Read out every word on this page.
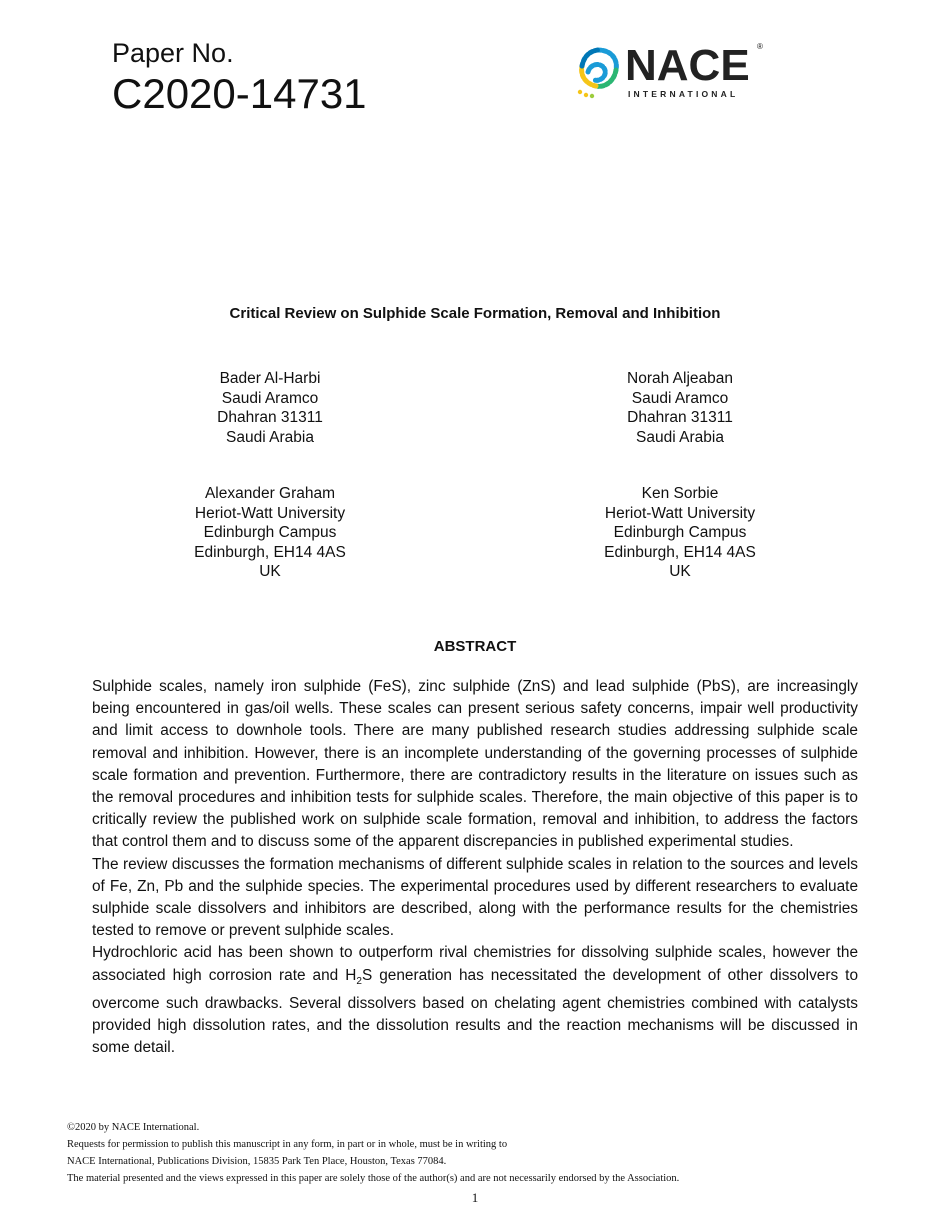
Paper No.
C2020-14731
NACE ®
INTERNATIONAL
Critical Review on Sulphide Scale Formation, Removal and Inhibition
Bader Al-Harbi
Saudi Aramco
Dhahran 31311
Saudi Arabia
Norah Aljeaban
Saudi Aramco
Dhahran 31311
Saudi Arabia
Alexander Graham
Heriot-Watt University
Edinburgh Campus
Edinburgh, EH14 4AS
UK
Ken Sorbie
Heriot-Watt University
Edinburgh Campus
Edinburgh, EH14 4AS
UK
ABSTRACT

Sulphide scales, namely iron sulphide (FeS), zinc sulphide (ZnS) and lead sulphide (PbS), are increasingly being encountered in gas/oil wells. These scales can present serious safety concerns, impair well productivity and limit access to downhole tools. There are many published research studies addressing sulphide scale removal and inhibition. However, there is an incomplete understanding of the governing processes of sulphide scale formation and prevention. Furthermore, there are contradictory results in the literature on issues such as the removal procedures and inhibition tests for sulphide scales. Therefore, the main objective of this paper is to critically review the published work on sulphide scale formation, removal and inhibition, to address the factors that control them and to discuss some of the apparent discrepancies in published experimental studies.

The review discusses the formation mechanisms of different sulphide scales in relation to the sources and levels of Fe, Zn, Pb and the sulphide species. The experimental procedures used by different researchers to evaluate sulphide scale dissolvers and inhibitors are described, along with the performance results for the chemistries tested to remove or prevent sulphide scales.

Hydrochloric acid has been shown to outperform rival chemistries for dissolving sulphide scales, however the associated high corrosion rate and $H_2S$ generation has necessitated the development of other dissolvers to overcome such drawbacks. Several dissolvers based on chelating agent chemistries combined with catalysts provided high dissolution rates, and the dissolution results and the reaction mechanisms will be discussed in some detail.

©2020 by NACE International.
Requests for permission to publish this manuscript in any form, in part or in whole, must be in writing to
NACE International, Publications Division, 15835 Park Ten Place, Houston, Texas 77084.
The material presented and the views expressed in this paper are solely those of the author(s) and are not necessarily endorsed by the Association.
1
